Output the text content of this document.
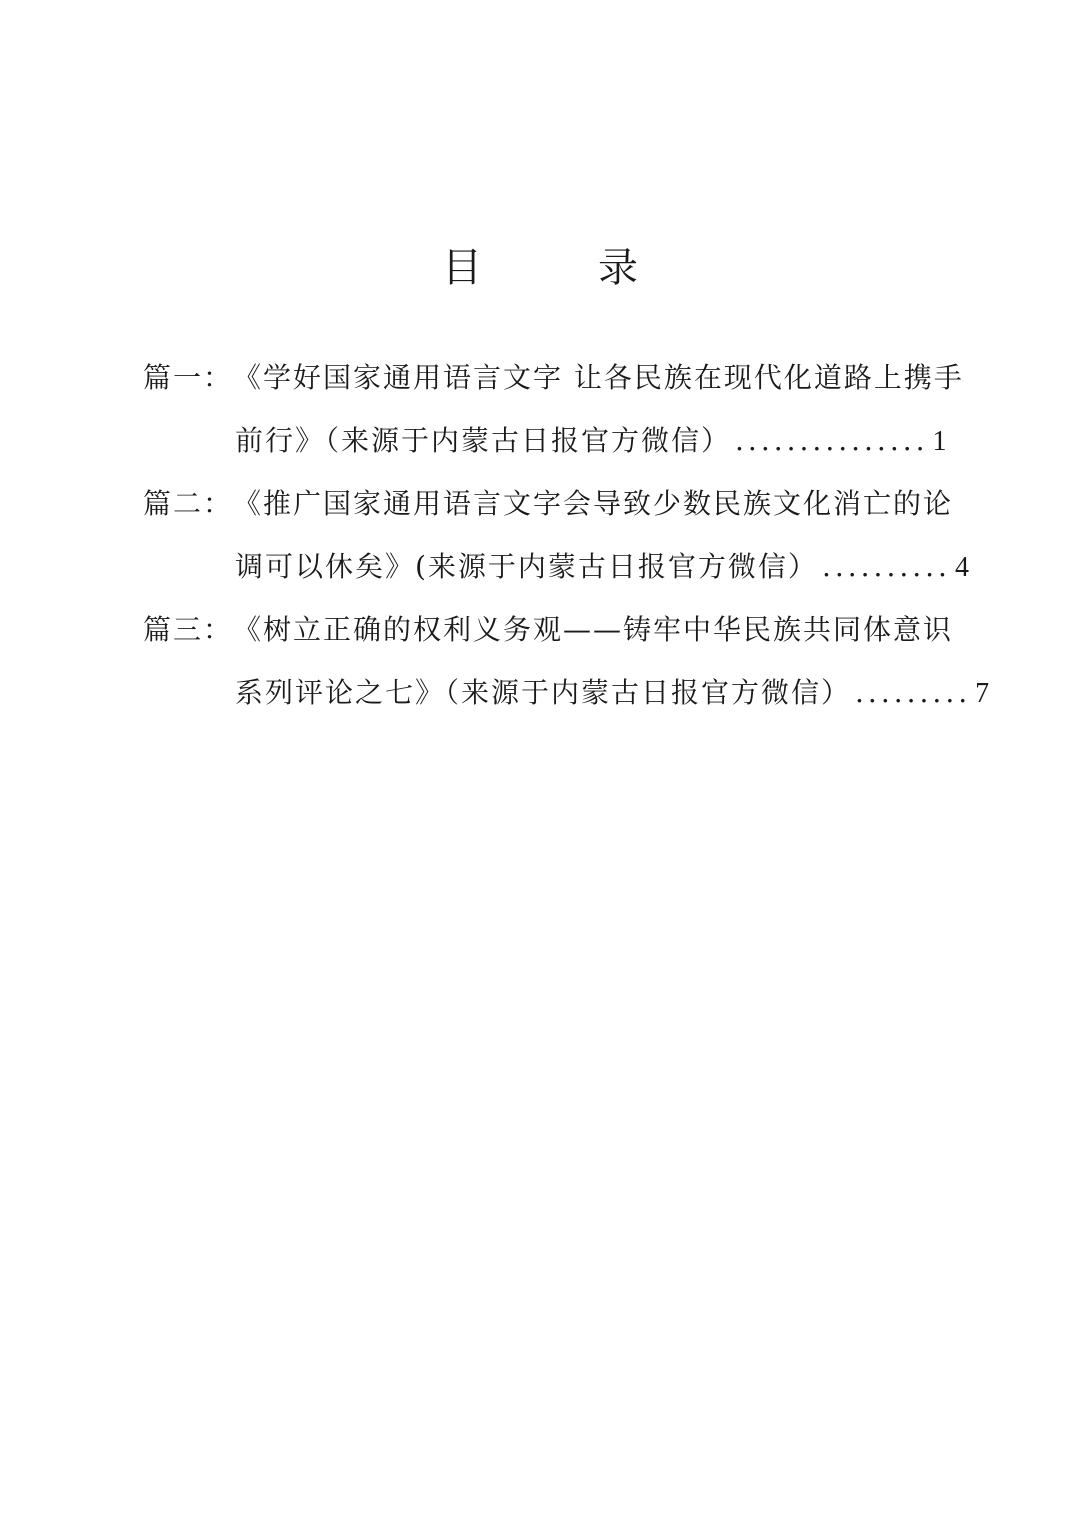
目　录
篇一： 《学好国家通用语言文字 让各民族在现代化道路上携手
前行》（来源于内蒙古日报官方微信） ............... 1
篇二： 《推广国家通用语言文字会导致少数民族文化消亡的论
调可以休矣》(来源于内蒙古日报官方微信） .......... 4
篇三： 《树立正确的权利义务观——铸牢中华民族共同体意识
系列评论之七》（来源于内蒙古日报官方微信） ......... 7
